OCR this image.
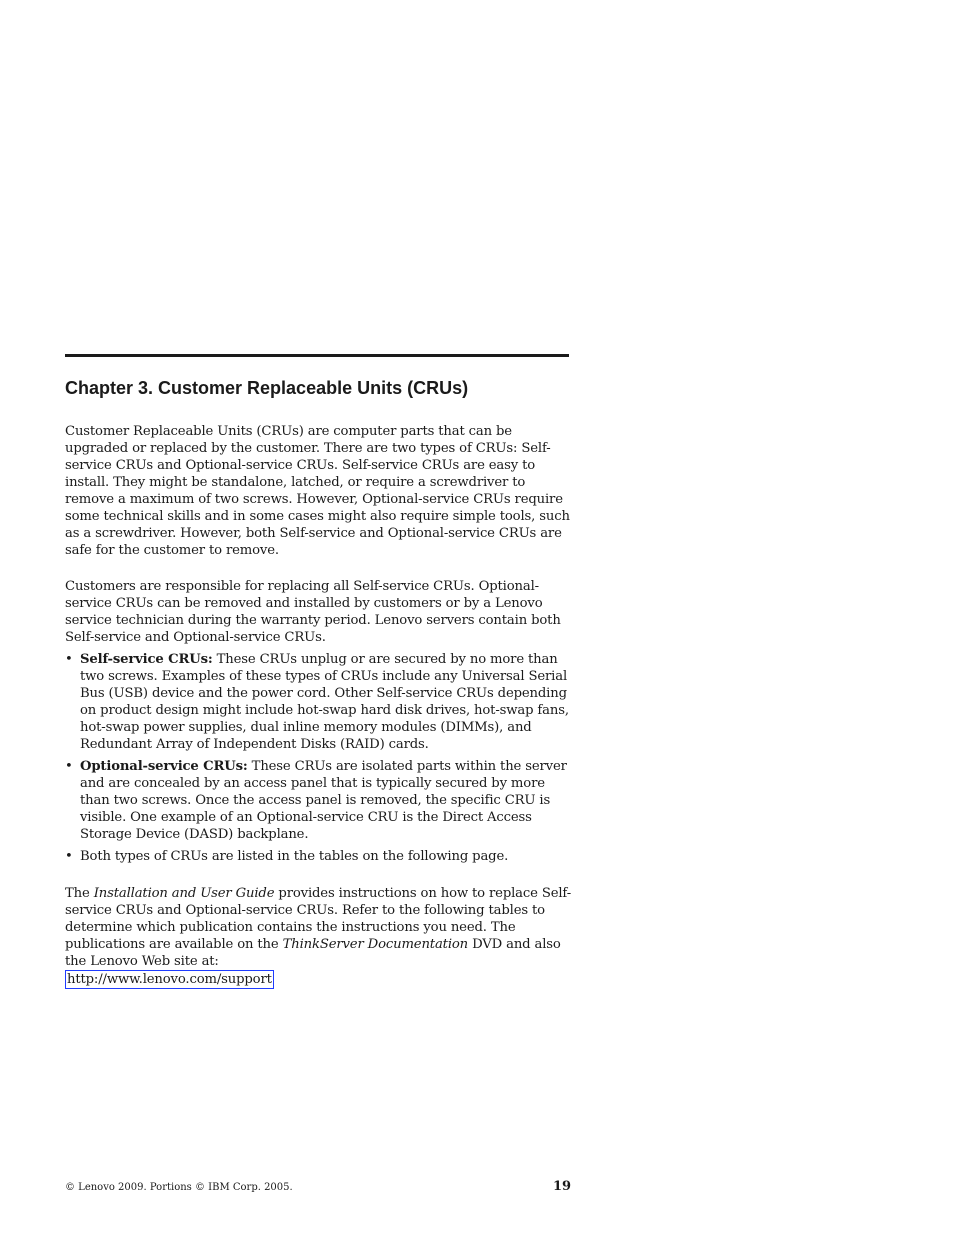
Chapter 3. Customer Replaceable Units (CRUs)

Customer Replaceable Units (CRUs) are computer parts that can be upgraded or replaced by the customer. There are two types of CRUs: Self-service CRUs and Optional-service CRUs. Self-service CRUs are easy to install. They might be standalone, latched, or require a screwdriver to remove a maximum of two screws. However, Optional-service CRUs require some technical skills and in some cases might also require simple tools, such as a screwdriver. However, both Self-service and Optional-service CRUs are safe for the customer to remove.

Customers are responsible for replacing all Self-service CRUs. Optional-service CRUs can be removed and installed by customers or by a Lenovo service technician during the warranty period. Lenovo servers contain both Self-service and Optional-service CRUs.

• Self-service CRUs: These CRUs unplug or are secured by no more than two screws. Examples of these types of CRUs include any Universal Serial Bus (USB) device and the power cord. Other Self-service CRUs depending on product design might include hot-swap hard disk drives, hot-swap fans, hot-swap power supplies, dual inline memory modules (DIMMs), and Redundant Array of Independent Disks (RAID) cards.
• Optional-service CRUs: These CRUs are isolated parts within the server and are concealed by an access panel that is typically secured by more than two screws. Once the access panel is removed, the specific CRU is visible. One example of an Optional-service CRU is the Direct Access Storage Device (DASD) backplane.
• Both types of CRUs are listed in the tables on the following page.

The Installation and User Guide provides instructions on how to replace Self-service CRUs and Optional-service CRUs. Refer to the following tables to determine which publication contains the instructions you need. The publications are available on the ThinkServer Documentation DVD and also the Lenovo Web site at:
http://www.lenovo.com/support

© Lenovo 2009. Portions © IBM Corp. 2005.	19
